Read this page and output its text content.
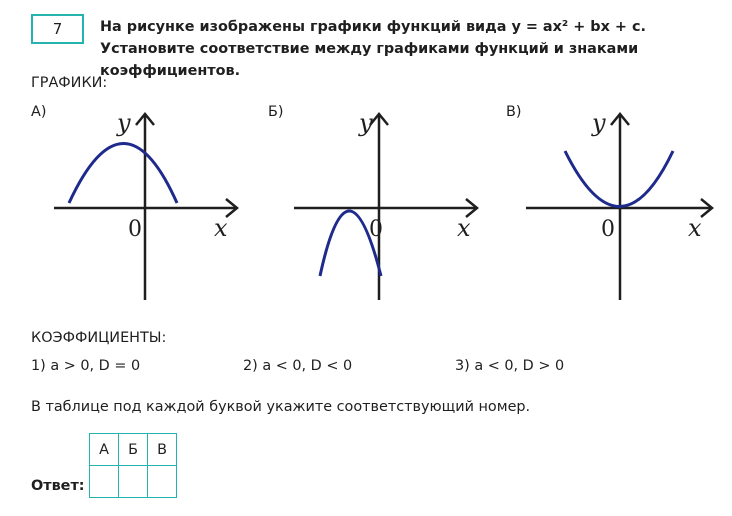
7	На рисунке изображены графики функций вида y = ax² + bx + c. Установите соответствие между графиками функций и знаками коэффициентов.
ГРАФИКИ:
А)	Б)	В)
y
x
0
y
x
0
y
x
0
КОЭФФИЦИЕНТЫ:
1) a > 0, D = 0	2) a < 0, D < 0	3) a < 0, D > 0
В таблице под каждой буквой укажите соответствующий номер.
Ответ:
А	Б	В
